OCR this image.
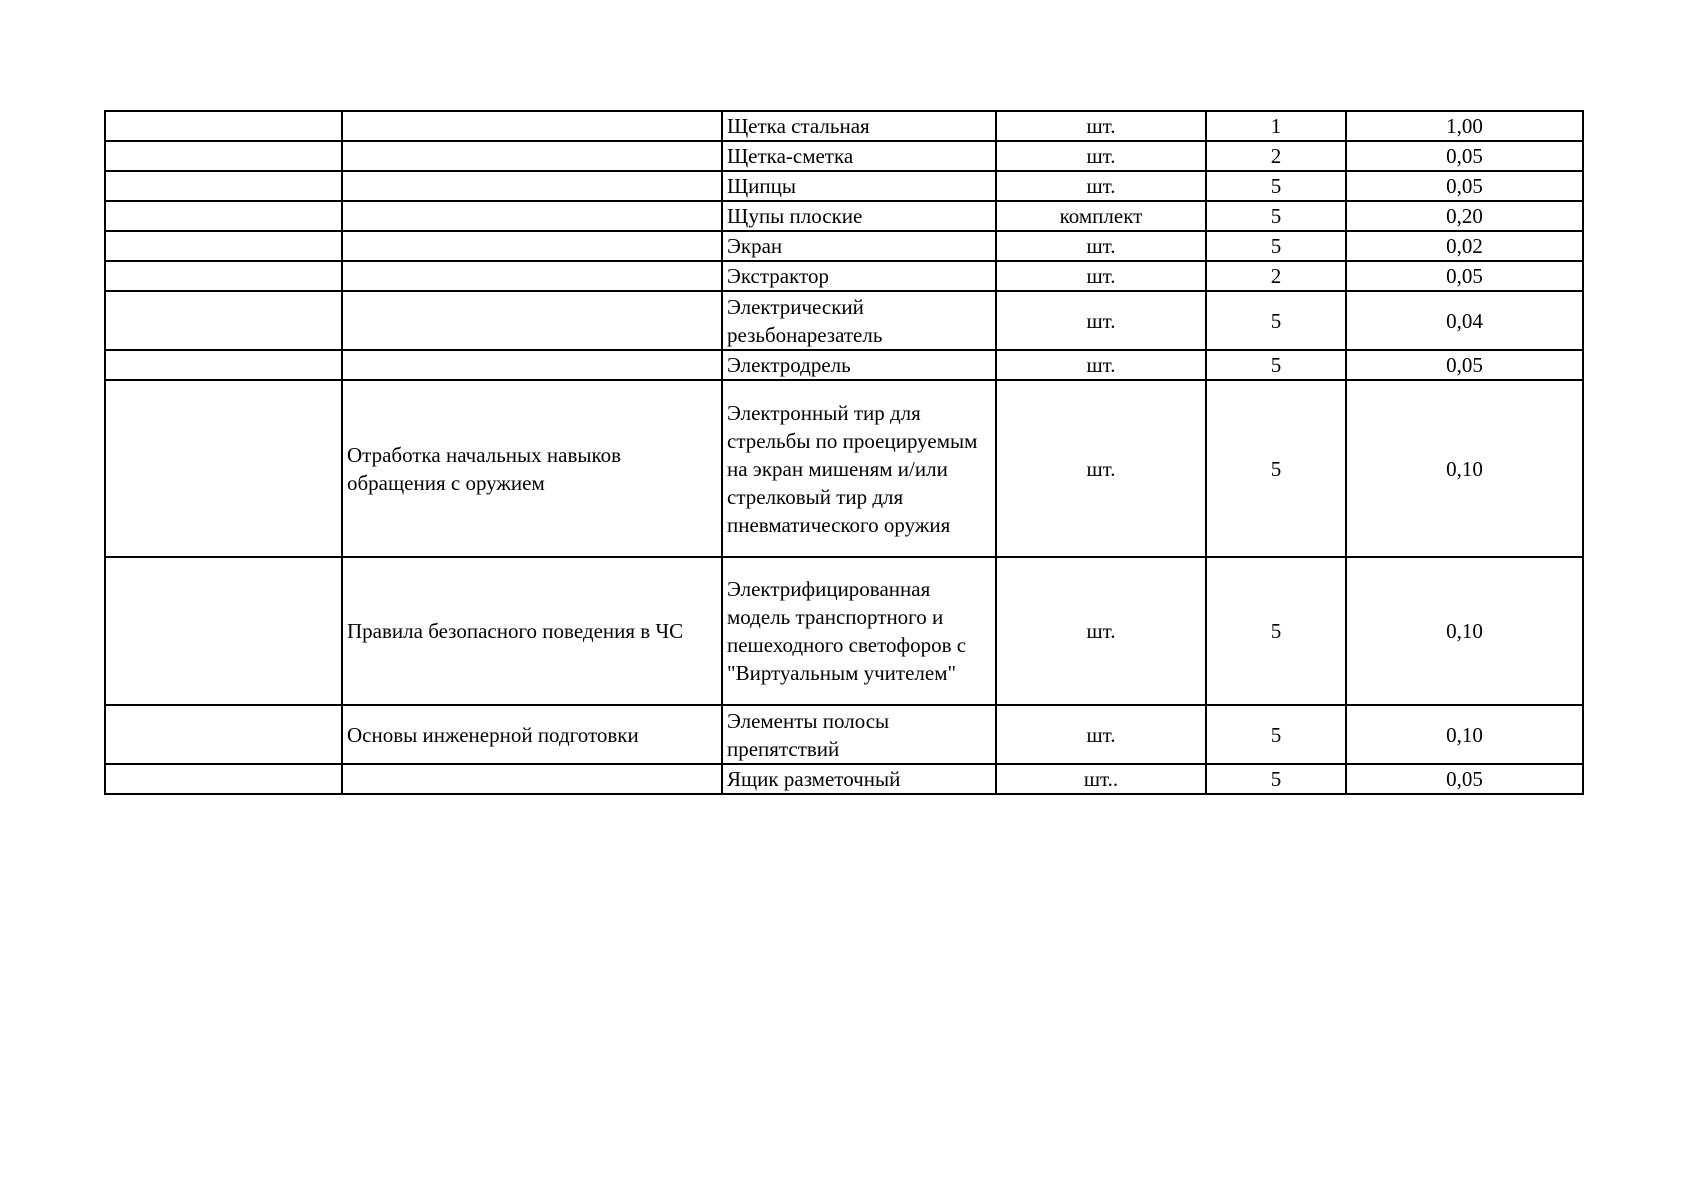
		Щетка стальная	шт.	1	1,00
		Щетка-сметка	шт.	2	0,05
		Щипцы	шт.	5	0,05
		Щупы плоские	комплект	5	0,20
		Экран	шт.	5	0,02
		Экстрактор	шт.	2	0,05
		Электрический резьбонарезатель	шт.	5	0,04
		Электродрель	шт.	5	0,05
	Отработка начальных навыков обращения с оружием	Электронный тир для стрельбы по проецируемым на экран мишеням и/или стрелковый тир для пневматического оружия	шт.	5	0,10
	Правила безопасного поведения в ЧС	Электрифицированная модель транспортного и пешеходного светофоров с "Виртуальным учителем"	шт.	5	0,10
	Основы инженерной подготовки	Элементы полосы препятствий	шт.	5	0,10
		Ящик разметочный	шт..	5	0,05
